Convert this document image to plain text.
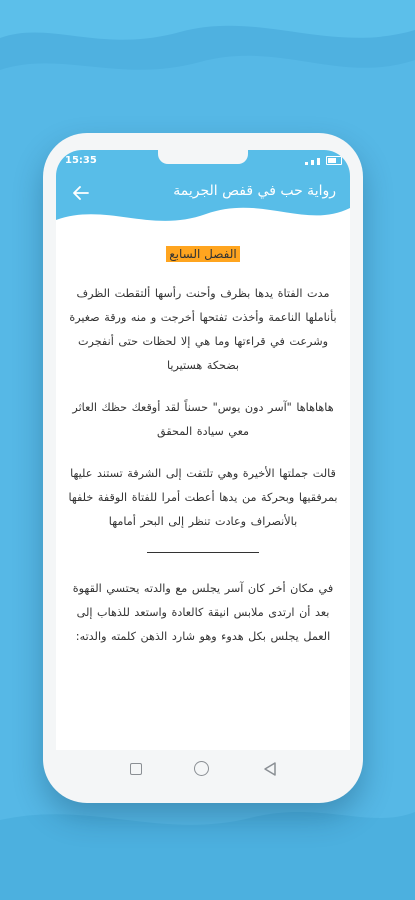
15:35
رواية حب في قفص الجريمة
الفصل السابع

مدت الفتاة يدها بظرف وأحنت رأسها ألتقطت الظرف بأناملها الناعمة وأخذت تفتحها أخرجت و منه ورقة صغيرة وشرعت في قراءتها وما هي إلا لحظات حتى أنفجرت بضحكة هستيريا

هاهاهاها "آسر دون يوس" حسناً لقد أوقعك حظك العاثر معي سيادة المحقق

قالت جملتها الأخيرة وهي تلتفت إلى الشرفة تستند عليها بمرفقيها وبحركة من يدها أعطت أمرا للفتاة الوقفة خلفها بالأنصراف وعادت تنظر إلى البحر أمامها

في مكان أخر كان آسر يجلس مع والدته يحتسي القهوة بعد أن ارتدى ملابس انيقة كالعادة واستعد للذهاب إلى العمل يجلس بكل هدوء وهو شارد الذهن كلمته والدته:
